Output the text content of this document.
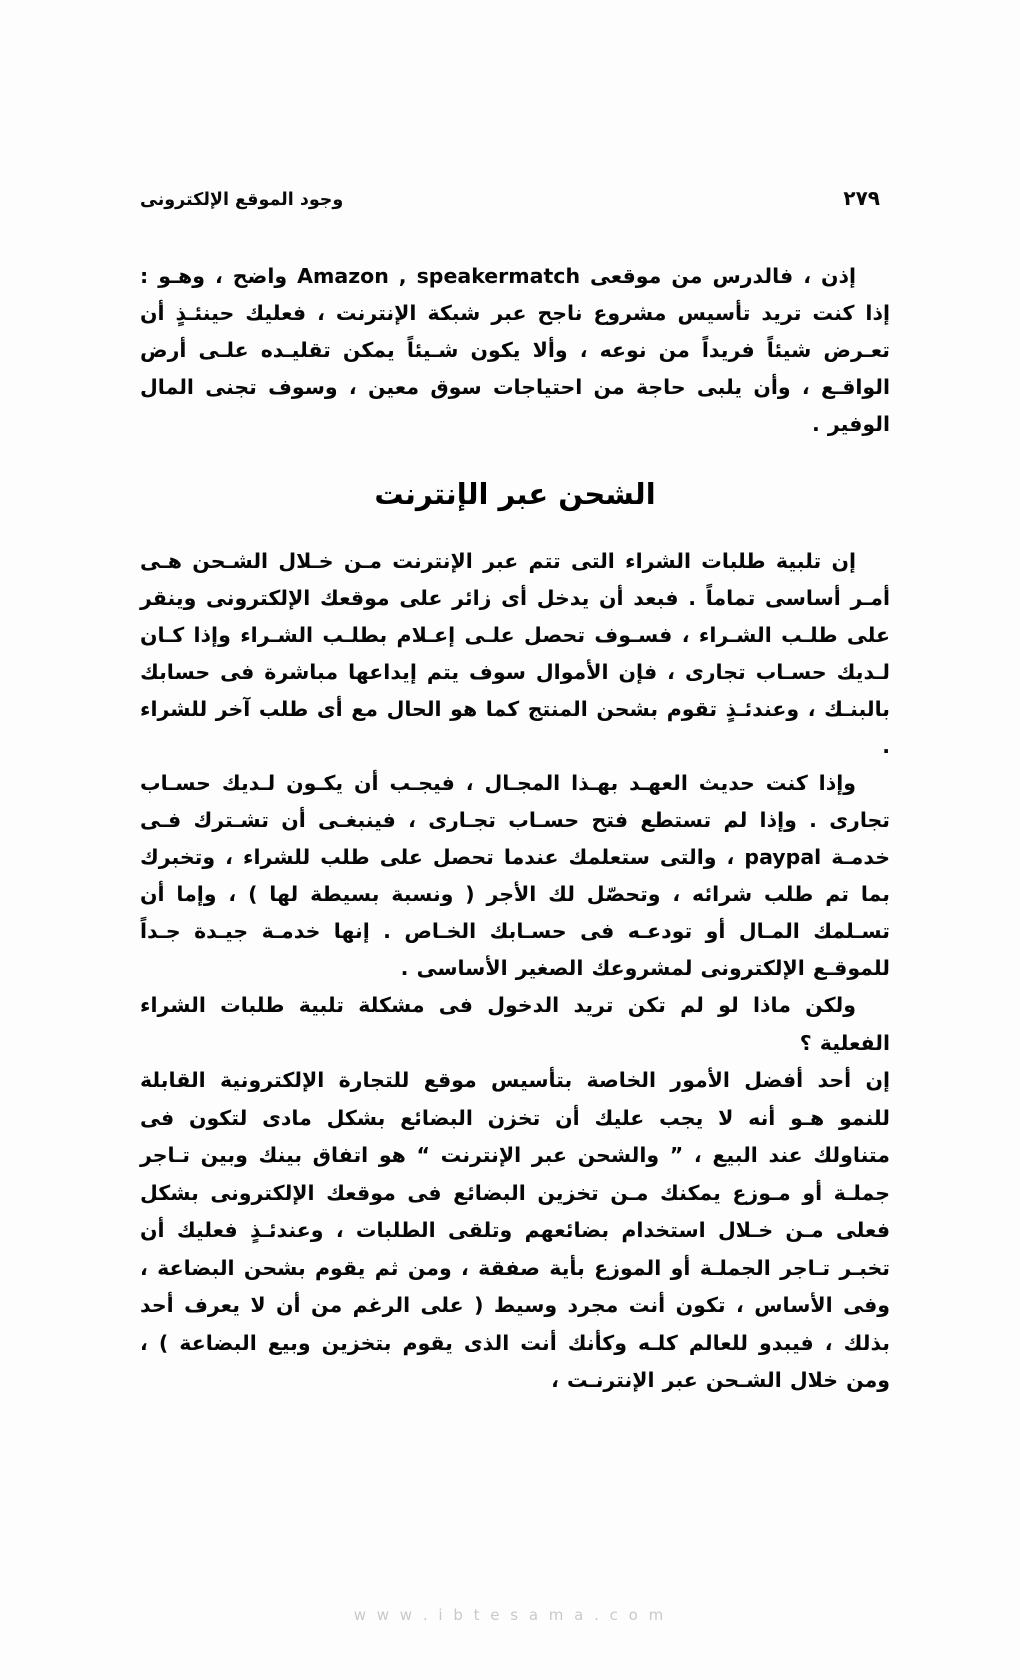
وجود الموقع الإلكترونى	٢٧٩

إذن ، فالدرس من موقعى Amazon , speakermatch واضح ، وهـو : إذا كنت تريد تأسيس مشروع ناجح عبر شبكة الإنترنت ، فعليك حينئـذٍ أن تعـرض شيئاً فريداً من نوعه ، وألا يكون شـيئاً يمكن تقليـده علـى أرض الواقـع ، وأن يلبى حاجة من احتياجات سوق معين ، وسوف تجنى المال الوفير .

الشحن عبر الإنترنت

إن تلبية طلبات الشراء التى تتم عبر الإنترنت مـن خـلال الشـحن هـى أمـر أساسى تماماً . فبعد أن يدخل أى زائر على موقعك الإلكترونى وينقر على طلـب الشـراء ، فسـوف تحصل علـى إعـلام بطلـب الشـراء وإذا كـان لـديك حسـاب تجارى ، فإن الأموال سوف يتم إيداعها مباشرة فى حسابك بالبنـك ، وعندئـذٍ تقوم بشحن المنتج كما هو الحال مع أى طلب آخر للشراء .

وإذا كنت حديث العهـد بهـذا المجـال ، فيجـب أن يكـون لـديك حسـاب تجارى . وإذا لم تستطع فتح حسـاب تجـارى ، فينبغـى أن تشـترك فـى خدمـة paypal ، والتى ستعلمك عندما تحصل على طلب للشراء ، وتخبرك بما تم طلب شرائه ، وتحصّل لك الأجر ( ونسبة بسيطة لها ) ، وإما أن تسـلمك المـال أو تودعـه فى حسـابك الخـاص . إنها خدمـة جيـدة جـداً للموقـع الإلكترونى لمشروعك الصغير الأساسى .

ولكن ماذا لو لم تكن تريد الدخول فى مشكلة تلبية طلبات الشراء الفعلية ؟

إن أحد أفضل الأمور الخاصة بتأسيس موقع للتجارة الإلكترونية القابلة للنمو هـو أنه لا يجب عليك أن تخزن البضائع بشكل مادى لتكون فى متناولك عند البيع ، ” والشحن عبر الإنترنت “ هو اتفاق بينك وبين تـاجر جملـة أو مـوزع يمكنك مـن تخزين البضائع فى موقعك الإلكترونى بشكل فعلى مـن خـلال استخدام بضائعهم وتلقى الطلبات ، وعندئـذٍ فعليك أن تخبـر تـاجر الجملـة أو الموزع بأية صفقة ، ومن ثم يقوم بشحن البضاعة ، وفى الأساس ، تكون أنت مجرد وسيط ( على الرغم من أن لا يعرف أحد بذلك ، فيبدو للعالم كلـه وكأنك أنت الذى يقوم بتخزين وبيع البضاعة ) ، ومن خلال الشـحن عبر الإنترنـت ،

w w w . i b t e s a m a . c o m
